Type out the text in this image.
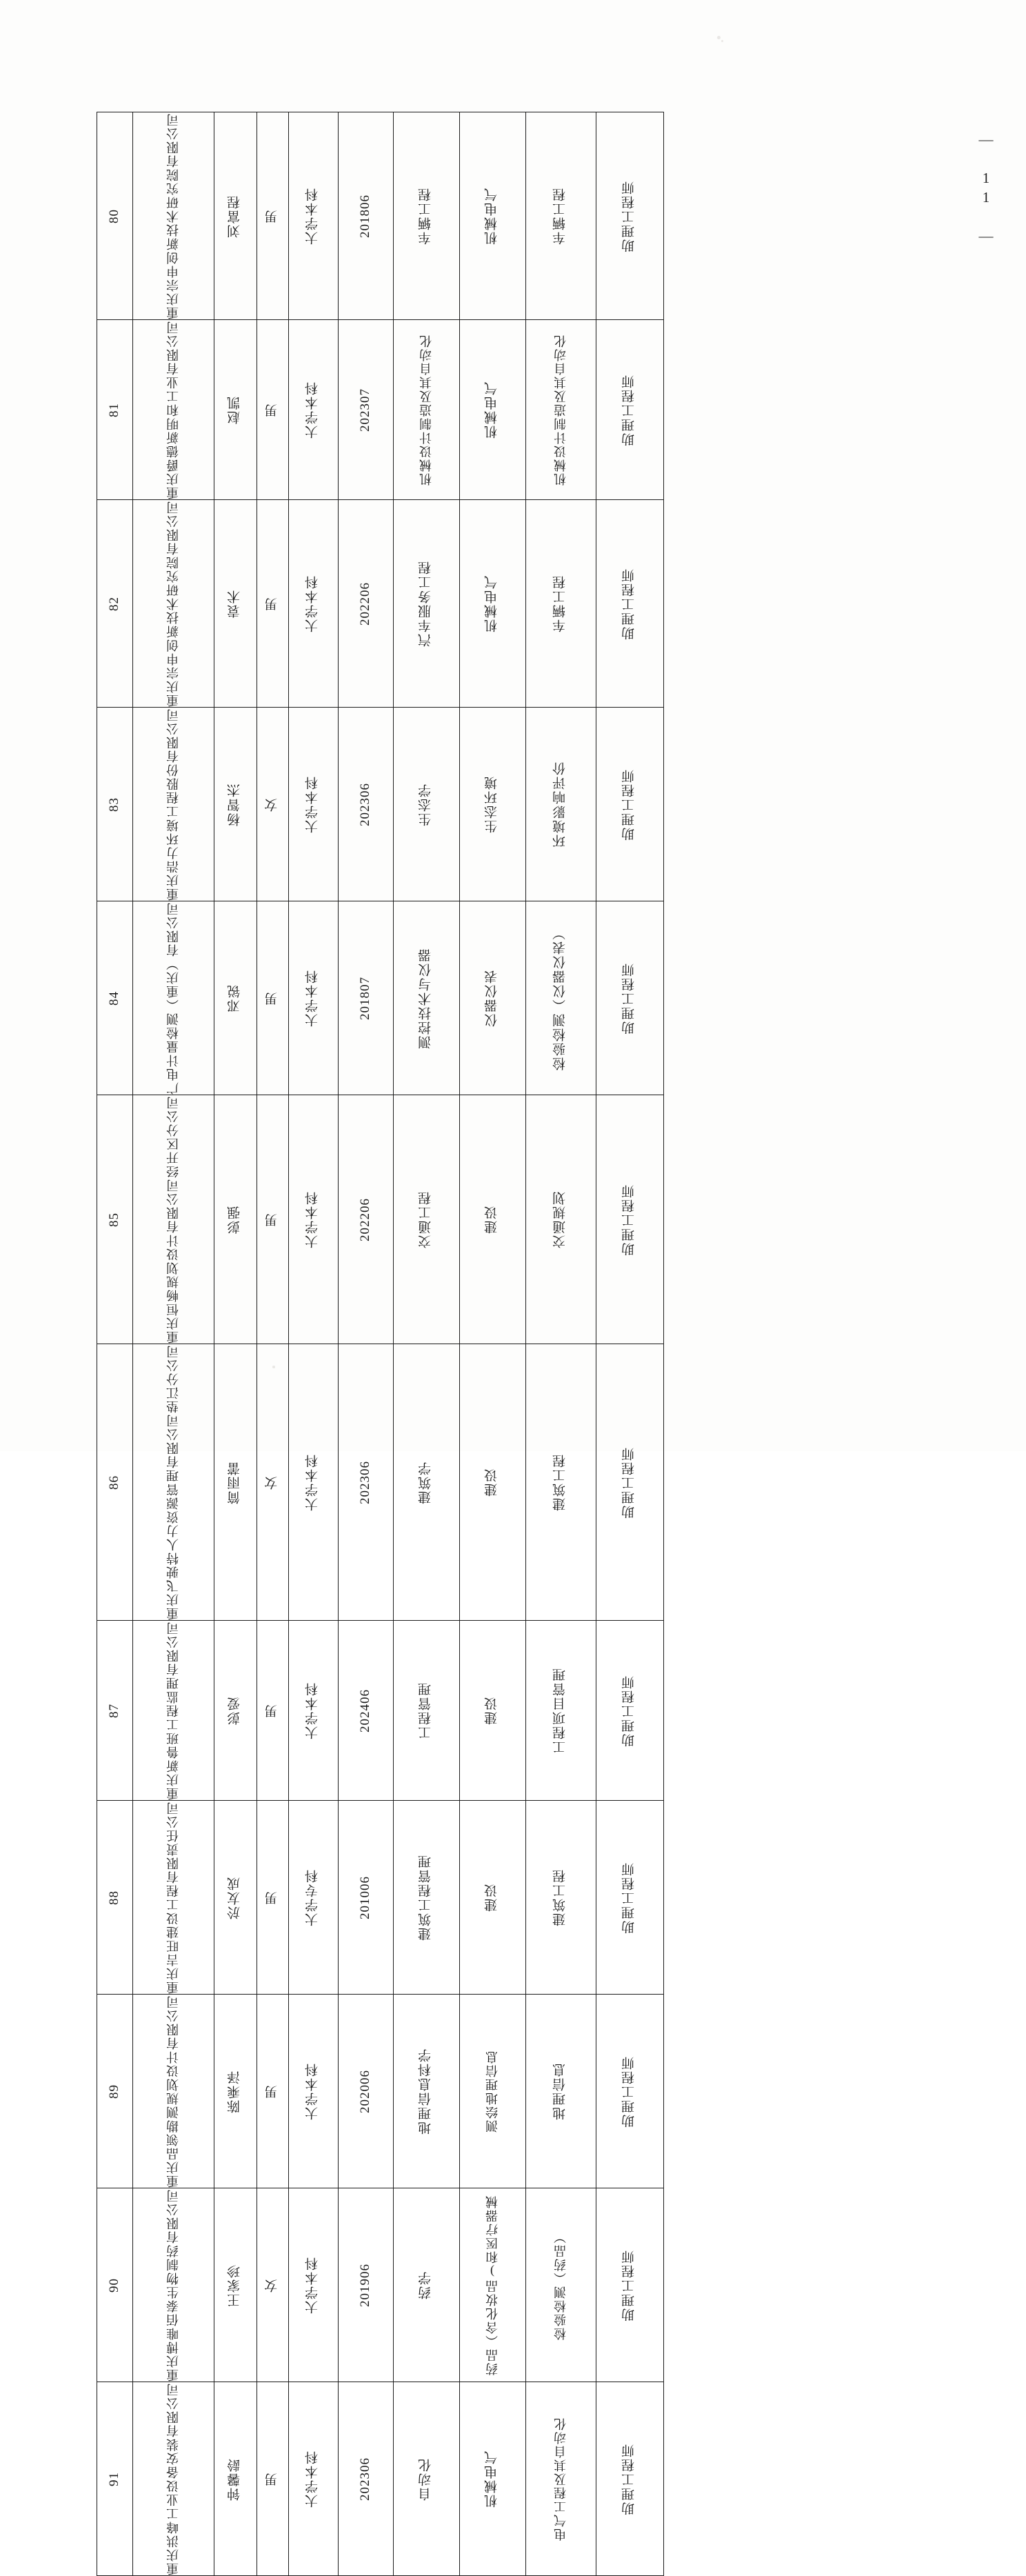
— 11 —
80	重庆宗申创新技术研究院有限公司	刘富程	男	大学本科	201806	车辆工程	机械电气	车辆工程	助理工程师

81	重庆爵德新明和工业有限公司	赵凯	男	大学本科	202307	机械设计制造及其自动化	机械电气	机械设计制造及其自动化	助理工程师

82	重庆宗申创新技术研究院有限公司	袁术	男	大学本科	202206	汽车服务工程	机械电气	车辆工程	助理工程师

83	重庆浩力环境工程股份有限公司	杨智杰	女	大学本科	202306	生态学	生态环境	环境影响评价	助理工程师

84	广电计量检测（重庆）有限公司	邓锐	男	大学本科	201807	测控技术与仪器	仪器仪表	检验检测（仪器仪表）	助理工程师

85	重庆恒畅规划设计有限公司经开区分公司	彭强	男	大学本科	202206	交通工程	建设	交通规划	助理工程师

86	重庆飞驶特人力资源管理有限公司垫江分公司	简雨蕾	女	大学本科	202306	建筑学	建设	建筑工程	助理工程师

87	重庆新鲁班工程监理有限公司	彭爱	男	大学本科	202406	工程管理	建设	工程项目管理	助理工程师

88	重庆吉旺建设工程有限责任公司	於友成	男	大学专科	201006	建筑工程管理	建设	建筑工程	助理工程师

89	重庆品领勘测规划设计有限公司	陈乘泽	男	大学本科	202006	地理信息科学	测绘地理信息	地理信息	助理工程师

90	重庆博唯佰泰生物制药有限公司	王家珍	女	大学本科	201906	药学	药品（含化妆品)和医疗器械	检验检测（药品）	助理工程师

91	重庆洪峰工业设备安装有限公司	钟馨龄	男	大学本科	202306	自动化	机械电气	电气工程及其自动化	助理工程师
